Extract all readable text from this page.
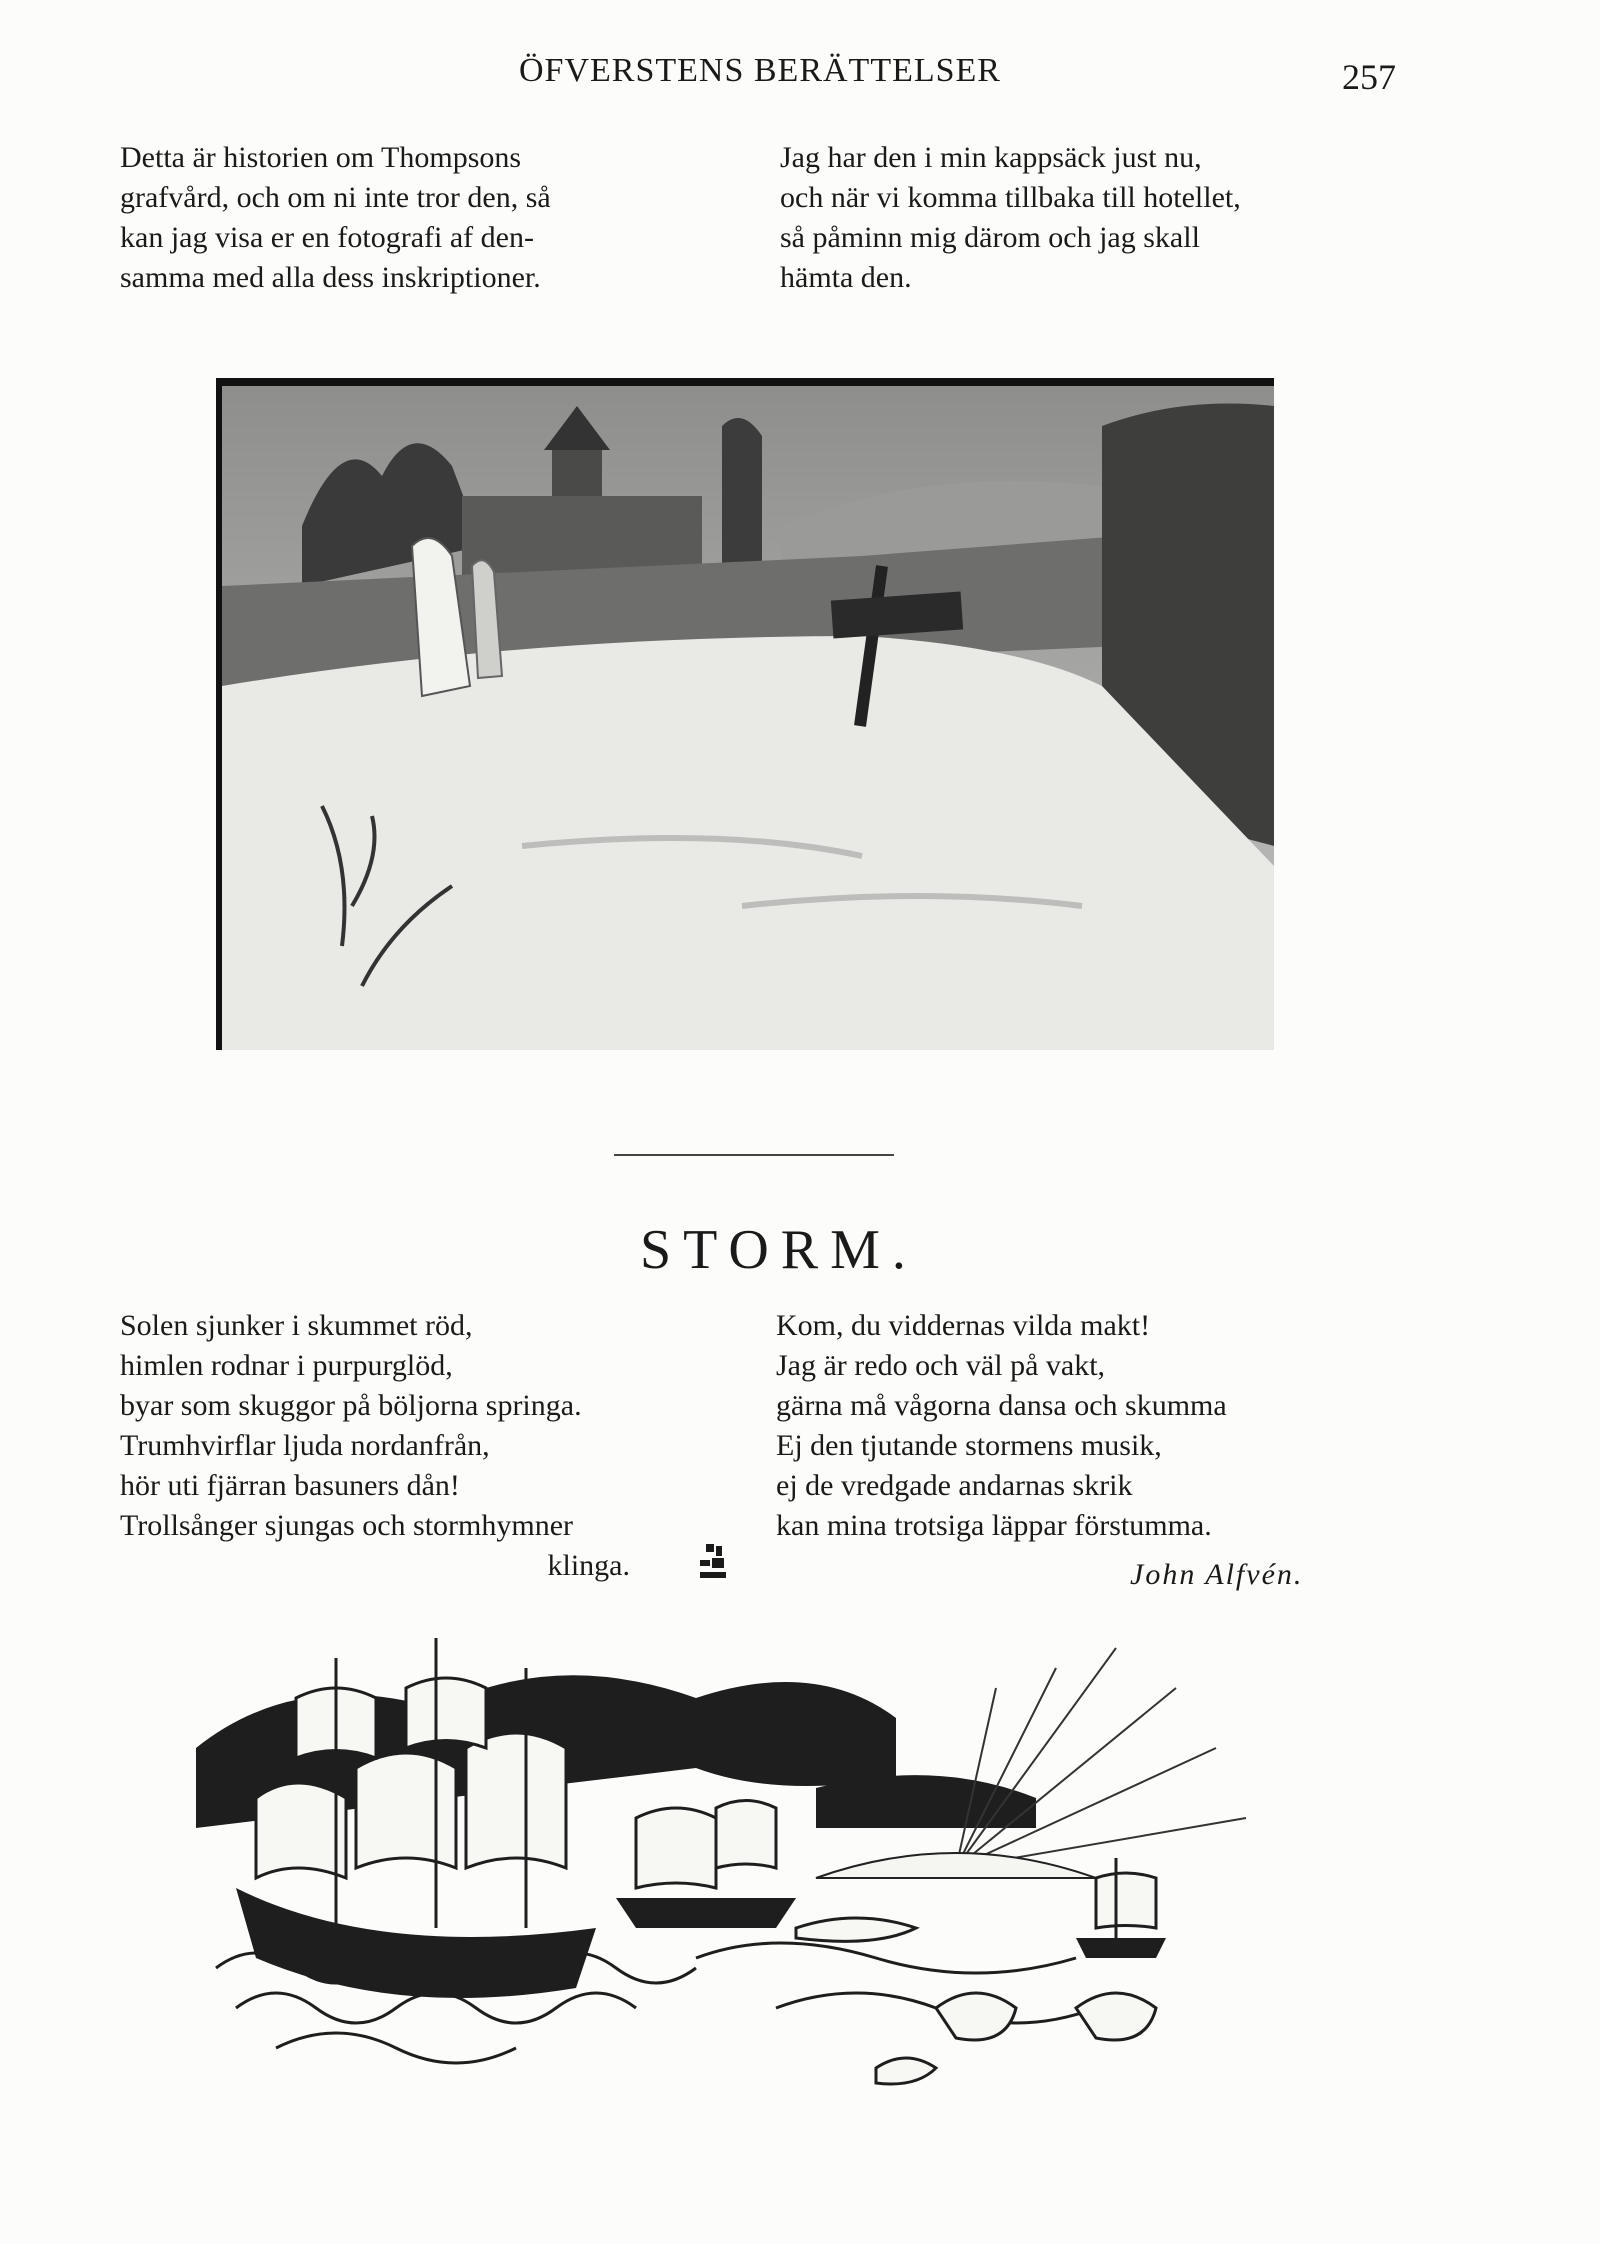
ÖFVERSTENS BERÄTTELSER	257
Detta är historien om Thompsons
grafvård, och om ni inte tror den, så
kan jag visa er en fotografi af den-
samma med alla dess inskriptioner.
Jag har den i min kappsäck just nu,
och när vi komma tillbaka till hotellet,
så påminn mig därom och jag skall
hämta den.
STORM.
Solen sjunker i skummet röd,
himlen rodnar i purpurglöd,
byar som skuggor på böljorna springa.
Trumhvirflar ljuda nordanfrån,
hör uti fjärran basuners dån!
Trollsånger sjungas och stormhymner
klinga.
Kom, du viddernas vilda makt!
Jag är redo och väl på vakt,
gärna må vågorna dansa och skumma
Ej den tjutande stormens musik,
ej de vredgade andarnas skrik
kan mina trotsiga läppar förstumma.
John Alfvén.
